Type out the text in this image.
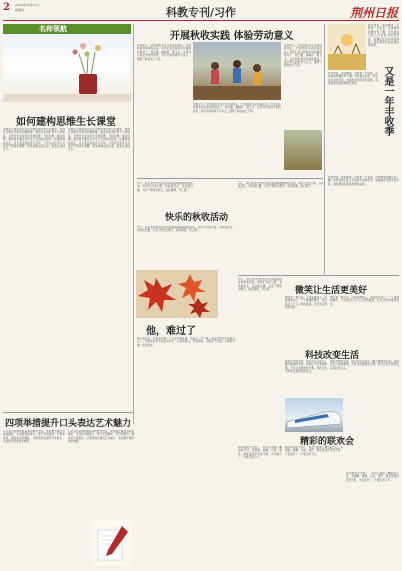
2 2024年10月31日
星期四	科教专刊/习作	荆州日报
名师领航
如何建构思维生长课堂
思维生长课堂是以学生思维发展为核心的课堂。教师应在教学中创设问题情境，激发学生的好奇心与求知欲，引导学生在探究中发现问题、分析问题、解决问题。课堂教学要关注学生已有的知识经验，把握思维的起点，设计有层次的学习活动，让学生在思考与交流中不断深化理解，促进思维由浅入深、由表及里地生长。
思维生长课堂是以学生思维发展为核心的课堂。教师应在教学中创设问题情境，激发学生的好奇心与求知欲，引导学生在探究中发现问题、分析问题、解决问题。课堂教学要关注学生已有的知识经验，把握思维的起点，设计有层次的学习活动，让学生在思考与交流中不断深化理解，促进思维由浅入深、由表及里地生长。
开展秋收实践 体验劳动意义
金秋时节，学校组织学生走进田间地头，开展秋收劳动实践活动。同学们在老师和农民伯伯的指导下，挖红薯、摘棉花、剥玉米，在劳动中感受丰收的喜悦，体会劳动的艰辛与意义，懂得了粮食来之不易。
金秋时节，学校组织学生走进田间地头，开展秋收劳动实践活动。同学们在老师和农民伯伯的指导下，挖红薯、摘棉花、剥玉米，在劳动中感受丰收的喜悦，体会劳动的艰辛与意义，懂得了粮食来之不易。
金秋时节，学校组织学生走进田间地头，开展秋收劳动实践活动。同学们在老师和农民伯伯的指导下，挖红薯、摘棉花、剥玉米，在劳动中感受丰收的喜悦，体会劳动的艰辛与意义，懂得了粮食来之不易。
秋风送爽，稻谷飘香。田野里一片金黄，沉甸甸的稻穗压弯了腰。农民伯伯们脸上洋溢着丰收的笑容，收割机在田间来回穿梭，到处都是忙碌而喜悦的景象。
又是一年丰收季
秋风送爽，稻谷飘香。田野里一片金黄，沉甸甸的稻穗压弯了腰。农民伯伯们脸上洋溢着丰收的笑容，收割机在田间来回穿梭，到处都是忙碌而喜悦的景象。
快乐的秋收活动
今天，我们来到学校的劳动实践基地参加秋收活动。同学们分成小组，有的拔花生，有的挖红薯，大家干得热火朝天，收获满满，开心极了。
今天，我们来到学校的劳动实践基地参加秋收活动。同学们分成小组，有的拔花生，有的挖红薯，大家干得热火朝天，收获满满，开心极了。
今天，我们来到学校的劳动实践基地参加秋收活动。同学们分成小组，有的拔花生，有的挖红薯，大家干得热火朝天，收获满满，开心极了。
秋风送爽，稻谷飘香。田野里一片金黄，沉甸甸的稻穗压弯了腰。农民伯伯们脸上洋溢着丰收的笑容，收割机在田间来回穿梭，到处都是忙碌而喜悦的景象。
他，难过了
那天放学后，我看见同桌一个人坐在教室里，低着头一声不吭。我走过去轻声问他怎么了，原来他这次考试没有考好，心里很难过。我安慰他，失败并不可怕，只要努力就一定会进步。
今天，我们来到学校的劳动实践基地参加秋收活动。同学们分成小组，有的拔花生，有的挖红薯，大家干得热火朝天，收获满满，开心极了。	微笑让生活更美好
微笑是一种力量，它能温暖他人，也能照亮自己。一个真诚的微笑，可以拉近人与人之间的距离，让生活变得更加美好。
微笑是一种力量，它能温暖他人，也能照亮自己。一个真诚的微笑，可以拉近人与人之间的距离，让生活变得更加美好。
科技改变生活
随着科技的发展，我们的生活发生了翻天覆地的变化。高铁让出行更加便捷，手机让沟通更加方便，科技正在不断改变着我们的生活。
随着科技的发展，我们的生活发生了翻天覆地的变化。高铁让出行更加便捷，手机让沟通更加方便，科技正在不断改变着我们的生活。
精彩的联欢会
新年联欢会开始了，同学们表演了精彩的节目，有唱歌、跳舞、小品、相声，教室里欢声笑语不断，大家度过了一个难忘的下午。
新年联欢会开始了，同学们表演了精彩的节目，有唱歌、跳舞、小品、相声，教室里欢声笑语不断，大家度过了一个难忘的下午。
新年联欢会开始了，同学们表演了精彩的节目，有唱歌、跳舞、小品、相声，教室里欢声笑语不断，大家度过了一个难忘的下午。
四项举措提升口头表达艺术魅力
口头表达是教师最基本的教学语言。教师要注重语言的准确性、生动性和感染力，善于运用提问、评价和追问，调动学生积极性，让课堂语言富有艺术魅力，从而提升课堂教学效果。
口头表达是教师最基本的教学语言。教师要注重语言的准确性、生动性和感染力，善于运用提问、评价和追问，调动学生积极性，让课堂语言富有艺术魅力，从而提升课堂教学效果。
